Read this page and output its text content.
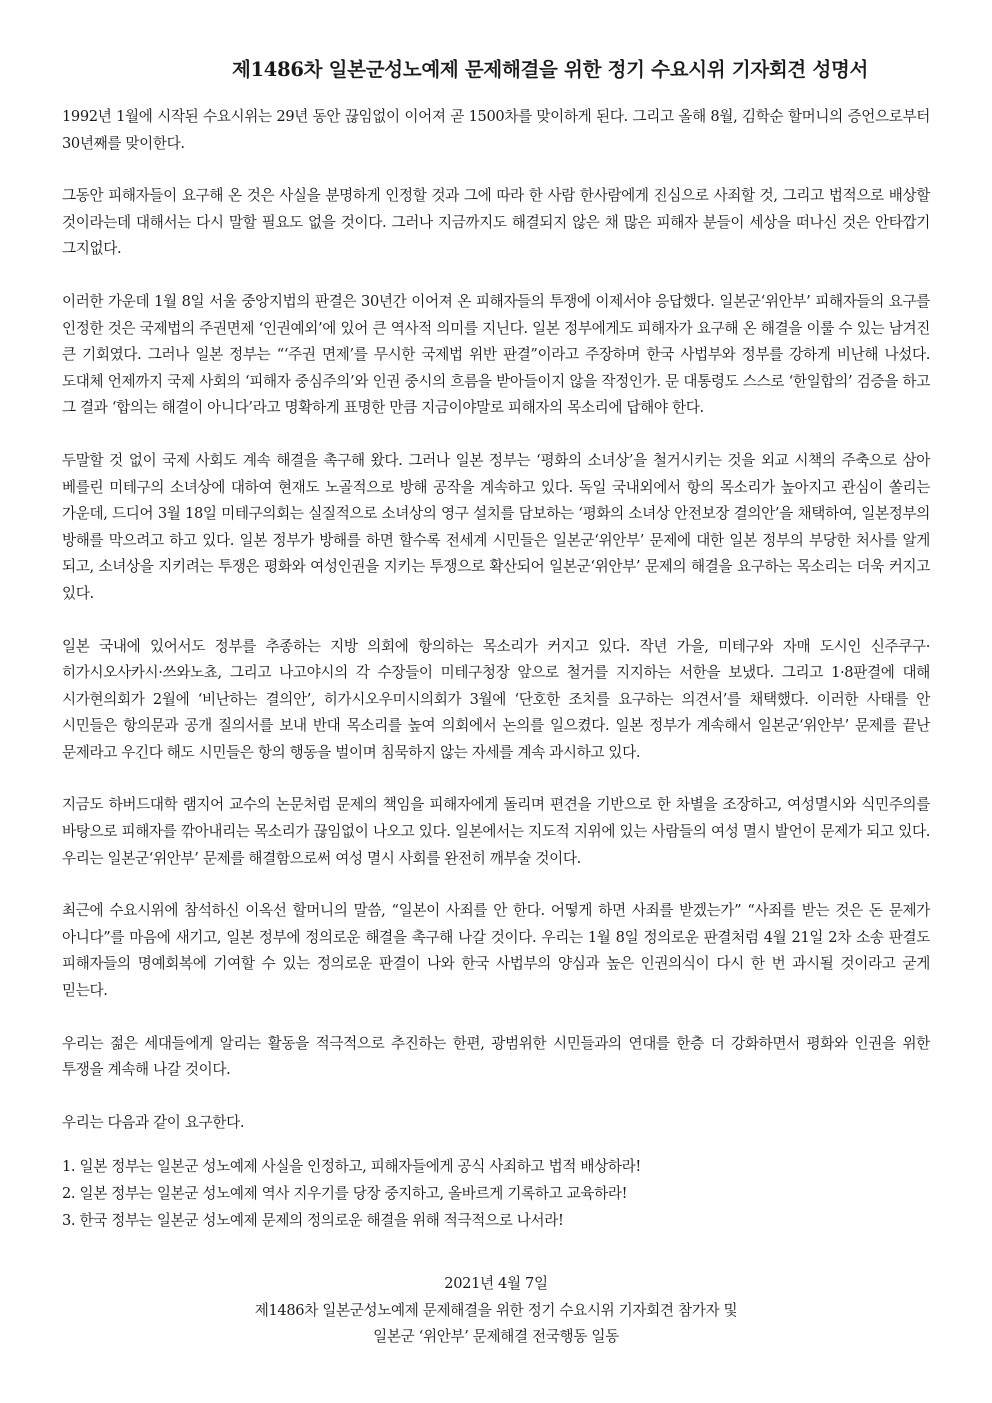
제1486차 일본군성노예제 문제해결을 위한 정기 수요시위 기자회견 성명서

1992년 1월에 시작된 수요시위는 29년 동안 끊임없이 이어져 곧 1500차를 맞이하게 된다. 그리고 올해 8월, 김학순 할머니의 증언으로부터 30년째를 맞이한다.

그동안 피해자들이 요구해 온 것은 사실을 분명하게 인정할 것과 그에 따라 한 사람 한사람에게 진심으로 사죄할 것, 그리고 법적으로 배상할 것이라는데 대해서는 다시 말할 필요도 없을 것이다. 그러나 지금까지도 해결되지 않은 채 많은 피해자 분들이 세상을 떠나신 것은 안타깝기 그지없다.

이러한 가운데 1월 8일 서울 중앙지법의 판결은 30년간 이어져 온 피해자들의 투쟁에 이제서야 응답했다. 일본군‘위안부’ 피해자들의 요구를 인정한 것은 국제법의 주권면제 ‘인권예외’에 있어 큰 역사적 의미를 지닌다. 일본 정부에게도 피해자가 요구해 온 해결을 이룰 수 있는 남겨진 큰 기회였다. 그러나 일본 정부는 “‘주권 면제’를 무시한 국제법 위반 판결”이라고 주장하며 한국 사법부와 정부를 강하게 비난해 나섰다. 도대체 언제까지 국제 사회의 ‘피해자 중심주의’와 인권 중시의 흐름을 받아들이지 않을 작정인가. 문 대통령도 스스로 ‘한일합의’ 검증을 하고 그 결과 ‘합의는 해결이 아니다’라고 명확하게 표명한 만큼 지금이야말로 피해자의 목소리에 답해야 한다.

두말할 것 없이 국제 사회도 계속 해결을 촉구해 왔다. 그러나 일본 정부는 ‘평화의 소녀상’을 철거시키는 것을 외교 시책의 주축으로 삼아 베를린 미테구의 소녀상에 대하여 현재도 노골적으로 방해 공작을 계속하고 있다. 독일 국내외에서 항의 목소리가 높아지고 관심이 쏠리는 가운데, 드디어 3월 18일 미테구의회는 실질적으로 소녀상의 영구 설치를 담보하는 ‘평화의 소녀상 안전보장 결의안’을 채택하여, 일본정부의 방해를 막으려고 하고 있다. 일본 정부가 방해를 하면 할수록 전세계 시민들은 일본군‘위안부’ 문제에 대한 일본 정부의 부당한 처사를 알게 되고, 소녀상을 지키려는 투쟁은 평화와 여성인권을 지키는 투쟁으로 확산되어 일본군‘위안부’ 문제의 해결을 요구하는 목소리는 더욱 커지고 있다.

일본 국내에 있어서도 정부를 추종하는 지방 의회에 항의하는 목소리가 커지고 있다. 작년 가을, 미테구와 자매 도시인 신주쿠구·히가시오사카시·쓰와노쵸, 그리고 나고야시의 각 수장들이 미테구청장 앞으로 철거를 지지하는 서한을 보냈다. 그리고 1·8판결에 대해 시가현의회가 2월에 ‘비난하는 결의안’, 히가시오우미시의회가 3월에 ‘단호한 조치를 요구하는 의견서’를 채택했다. 이러한 사태를 안 시민들은 항의문과 공개 질의서를 보내 반대 목소리를 높여 의회에서 논의를 일으켰다. 일본 정부가 계속해서 일본군‘위안부’ 문제를 끝난 문제라고 우긴다 해도 시민들은 항의 행동을 벌이며 침묵하지 않는 자세를 계속 과시하고 있다.

지금도 하버드대학 램지어 교수의 논문처럼 문제의 책임을 피해자에게 돌리며 편견을 기반으로 한 차별을 조장하고, 여성멸시와 식민주의를 바탕으로 피해자를 깎아내리는 목소리가 끊임없이 나오고 있다. 일본에서는 지도적 지위에 있는 사람들의 여성 멸시 발언이 문제가 되고 있다. 우리는 일본군‘위안부’ 문제를 해결함으로써 여성 멸시 사회를 완전히 깨부술 것이다.

최근에 수요시위에 참석하신 이옥선 할머니의 말씀, “일본이 사죄를 안 한다. 어떻게 하면 사죄를 받겠는가” “사죄를 받는 것은 돈 문제가 아니다”를 마음에 새기고, 일본 정부에 정의로운 해결을 촉구해 나갈 것이다. 우리는 1월 8일 정의로운 판결처럼 4월 21일 2차 소송 판결도 피해자들의 명예회복에 기여할 수 있는 정의로운 판결이 나와 한국 사법부의 양심과 높은 인권의식이 다시 한 번 과시될 것이라고 굳게 믿는다.

우리는 젊은 세대들에게 알리는 활동을 적극적으로 추진하는 한편, 광범위한 시민들과의 연대를 한층 더 강화하면서 평화와 인권을 위한 투쟁을 계속해 나갈 것이다.

우리는 다음과 같이 요구한다.

1. 일본 정부는 일본군 성노예제 사실을 인정하고, 피해자들에게 공식 사죄하고 법적 배상하라!
2. 일본 정부는 일본군 성노예제 역사 지우기를 당장 중지하고, 올바르게 기록하고 교육하라!
3. 한국 정부는 일본군 성노예제 문제의 정의로운 해결을 위해 적극적으로 나서라!
2021년 4월 7일
제1486차 일본군성노예제 문제해결을 위한 정기 수요시위 기자회견 참가자 및
일본군 ‘위안부’ 문제해결 전국행동 일동
